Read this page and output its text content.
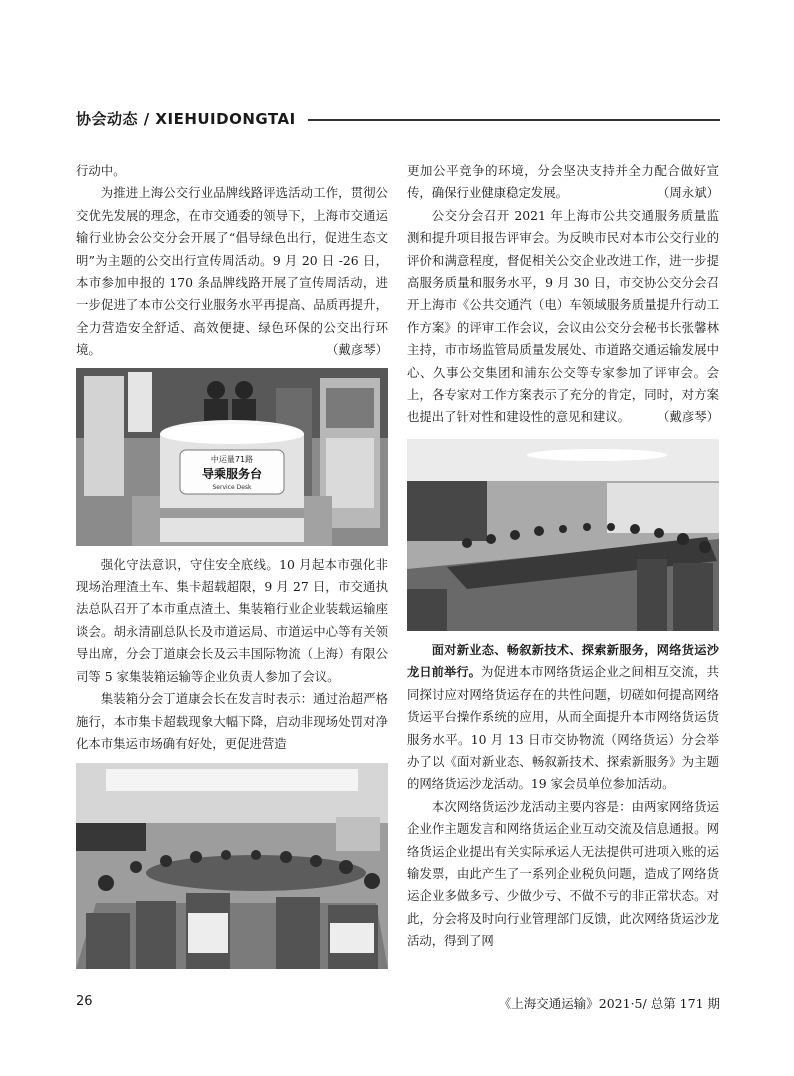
协会动态 / XIEHUIDONGTAI

行动中。

为推进上海公交行业品牌线路评选活动工作，贯彻公交优先发展的理念，在市交通委的领导下，上海市交通运输行业协会公交分会开展了“倡导绿色出行，促进生态文明”为主题的公交出行宣传周活动。9 月 20 日 -26 日，本市参加申报的 170 条品牌线路开展了宣传周活动，进一步促进了本市公交行业服务水平再提高、品质再提升，全力营造安全舒适、高效便捷、绿色环保的公交出行环境。	（戴彦琴）

中运量71路
导乘服务台
Service Desk

强化守法意识，守住安全底线。10 月起本市强化非现场治理渣土车、集卡超载超限，9 月 27 日，市交通执法总队召开了本市重点渣土、集装箱行业企业装载运输座谈会。胡永清副总队长及市道运局、市道运中心等有关领导出席，分会丁道康会长及云丰国际物流（上海）有限公司等 5 家集装箱运输等企业负责人参加了会议。

集装箱分会丁道康会长在发言时表示：通过治超严格施行，本市集卡超载现象大幅下降，启动非现场处罚对净化本市集运市场确有好处，更促进营造

更加公平竞争的环境，分会坚决支持并全力配合做好宣传，确保行业健康稳定发展。	（周永斌）

公交分会召开 2021 年上海市公共交通服务质量监测和提升项目报告评审会。为反映市民对本市公交行业的评价和满意程度，督促相关公交企业改进工作，进一步提高服务质量和服务水平，9 月 30 日，市交协公交分会召开上海市《公共交通汽（电）车领域服务质量提升行动工作方案》的评审工作会议，会议由公交分会秘书长张馨林主持，市市场监管局质量发展处、市道路交通运输发展中心、久事公交集团和浦东公交等专家参加了评审会。会上，各专家对工作方案表示了充分的肯定，同时，对方案也提出了针对性和建设性的意见和建议。 （戴彦琴）

面对新业态、畅叙新技术、探索新服务，网络货运沙龙日前举行。为促进本市网络货运企业之间相互交流，共同探讨应对网络货运存在的共性问题，切磋如何提高网络货运平台操作系统的应用，从而全面提升本市网络货运货服务水平。10 月 13 日市交协物流（网络货运）分会举办了以《面对新业态、畅叙新技术、探索新服务》为主题的网络货运沙龙活动。19 家会员单位参加活动。

本次网络货运沙龙活动主要内容是：由两家网络货运企业作主题发言和网络货运企业互动交流及信息通报。网络货运企业提出有关实际承运人无法提供可进项入账的运输发票，由此产生了一系列企业税负问题，造成了网络货运企业多做多亏、少做少亏、不做不亏的非正常状态。对此，分会将及时向行业管理部门反馈，此次网络货运沙龙活动，得到了网

26	《上海交通运输》2021·5/ 总第 171 期
